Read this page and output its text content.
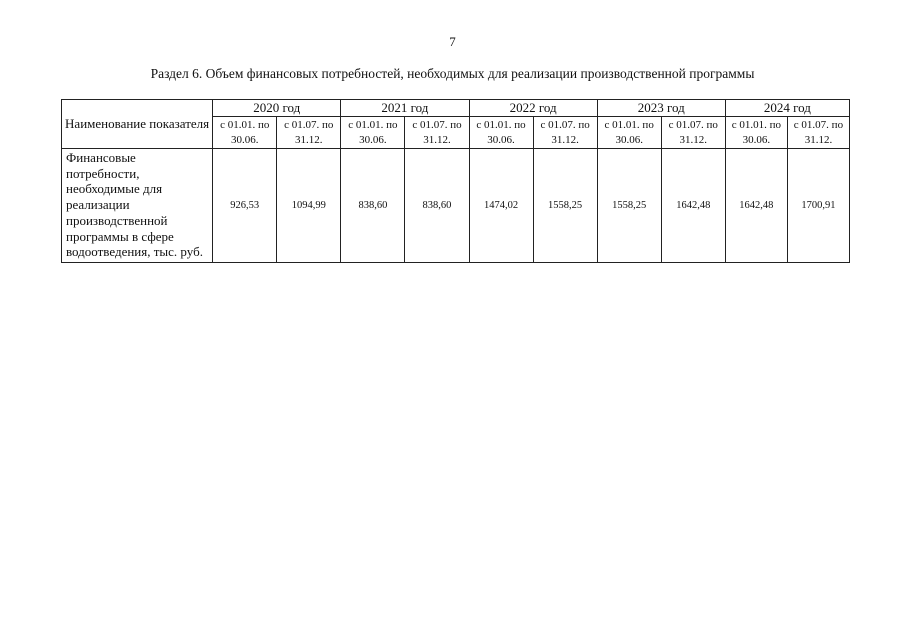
7
Раздел 6. Объем финансовых потребностей, необходимых для реализации производственной программы
Наименование показателя	2020 год		2021 год		2022 год		2023 год		2024 год	
	с 01.01. по 30.06.	с 01.07. по 31.12.	с 01.01. по 30.06.	с 01.07. по 31.12.	с 01.01. по 30.06.	с 01.07. по 31.12.	с 01.01. по 30.06.	с 01.07. по 31.12.	с 01.01. по 30.06.	с 01.07. по 31.12.
Финансовые потребности, необходимые для реализации производственной программы в сфере водоотведения, тыс. руб.	926,53	1094,99	838,60	838,60	1474,02	1558,25	1558,25	1642,48	1642,48	1700,91
